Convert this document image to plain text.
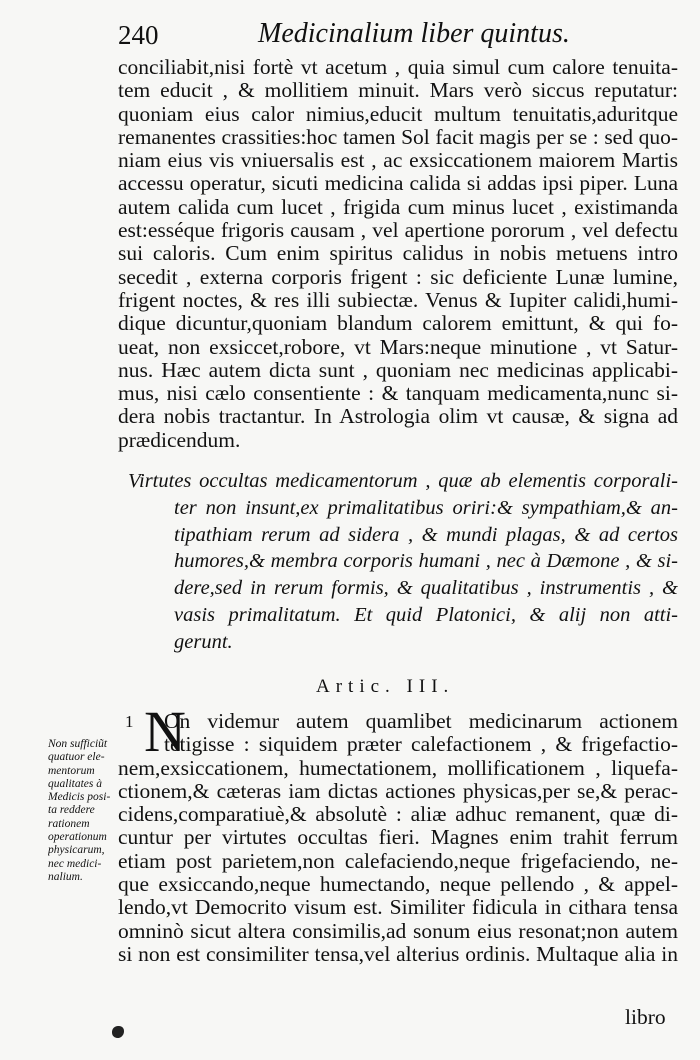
240	Medicinalium liber quintus.
conciliabit,nisi fortè vt acetum , quia simul cum calore tenuita-
tem educit , & mollitiem minuit. Mars verò siccus reputatur:
quoniam eius calor nimius,educit multum tenuitatis,aduritque
remanentes crassities:hoc tamen Sol facit magis per se : sed quo-
niam eius vis vniuersalis est , ac exsiccationem maiorem Martis
accessu operatur, sicuti medicina calida si addas ipsi piper. Luna
autem calida cum lucet , frigida cum minus lucet , existimanda
est:esséque frigoris causam , vel apertione pororum , vel defectu
sui caloris. Cum enim spiritus calidus in nobis metuens intro
secedit , externa corporis frigent : sic deficiente Lunæ lumine,
frigent noctes, & res illi subiectæ. Venus & Iupiter calidi,humi-
dique dicuntur,quoniam blandum calorem emittunt, & qui fo-
ueat, non exsiccet,robore, vt Mars:neque minutione , vt Satur-
nus. Hæc autem dicta sunt , quoniam nec medicinas applicabi-
mus, nisi cælo consentiente : & tanquam medicamenta,nunc si-
dera nobis tractantur. In Astrologia olim vt causæ, & signa ad
prædicendum.
Virtutes occultas medicamentorum , quæ ab elementis corporali-
ter non insunt,ex primalitatibus oriri:& sympathiam,& an-
tipathiam rerum ad sidera , & mundi plagas, & ad certos
humores,& membra corporis humani , nec à Dæmone , & si-
dere,sed in rerum formis, & qualitatibus , instrumentis , &
vasis primalitatum. Et quid Platonici, & alij non atti-
gerunt.
Artic. III.
1 N
On videmur autem quamlibet medicinarum actionem
tetigisse : siquidem præter calefactionem , & frigefactio-
nem,exsiccationem, humectationem, mollificationem , liquefa-
ctionem,& cæteras iam dictas actiones physicas,per se,& perac-
cidens,comparatiuè,& absolutè : aliæ adhuc remanent, quæ di-
cuntur per virtutes occultas fieri. Magnes enim trahit ferrum
etiam post parietem,non calefaciendo,neque frigefaciendo, ne-
que exsiccando,neque humectando, neque pellendo , & appel-
lendo,vt Democrito visum est. Similiter fidicula in cithara tensa
omninò sicut altera consimilis,ad sonum eius resonat;non autem
si non est consimiliter tensa,vel alterius ordinis. Multaque alia in
Non sufficiũt
quatuor ele-
mentorum
qualitates à
Medicis posi-
ta reddere
rationem
operationum
physicarum,
nec medici-
nalium.
libro
